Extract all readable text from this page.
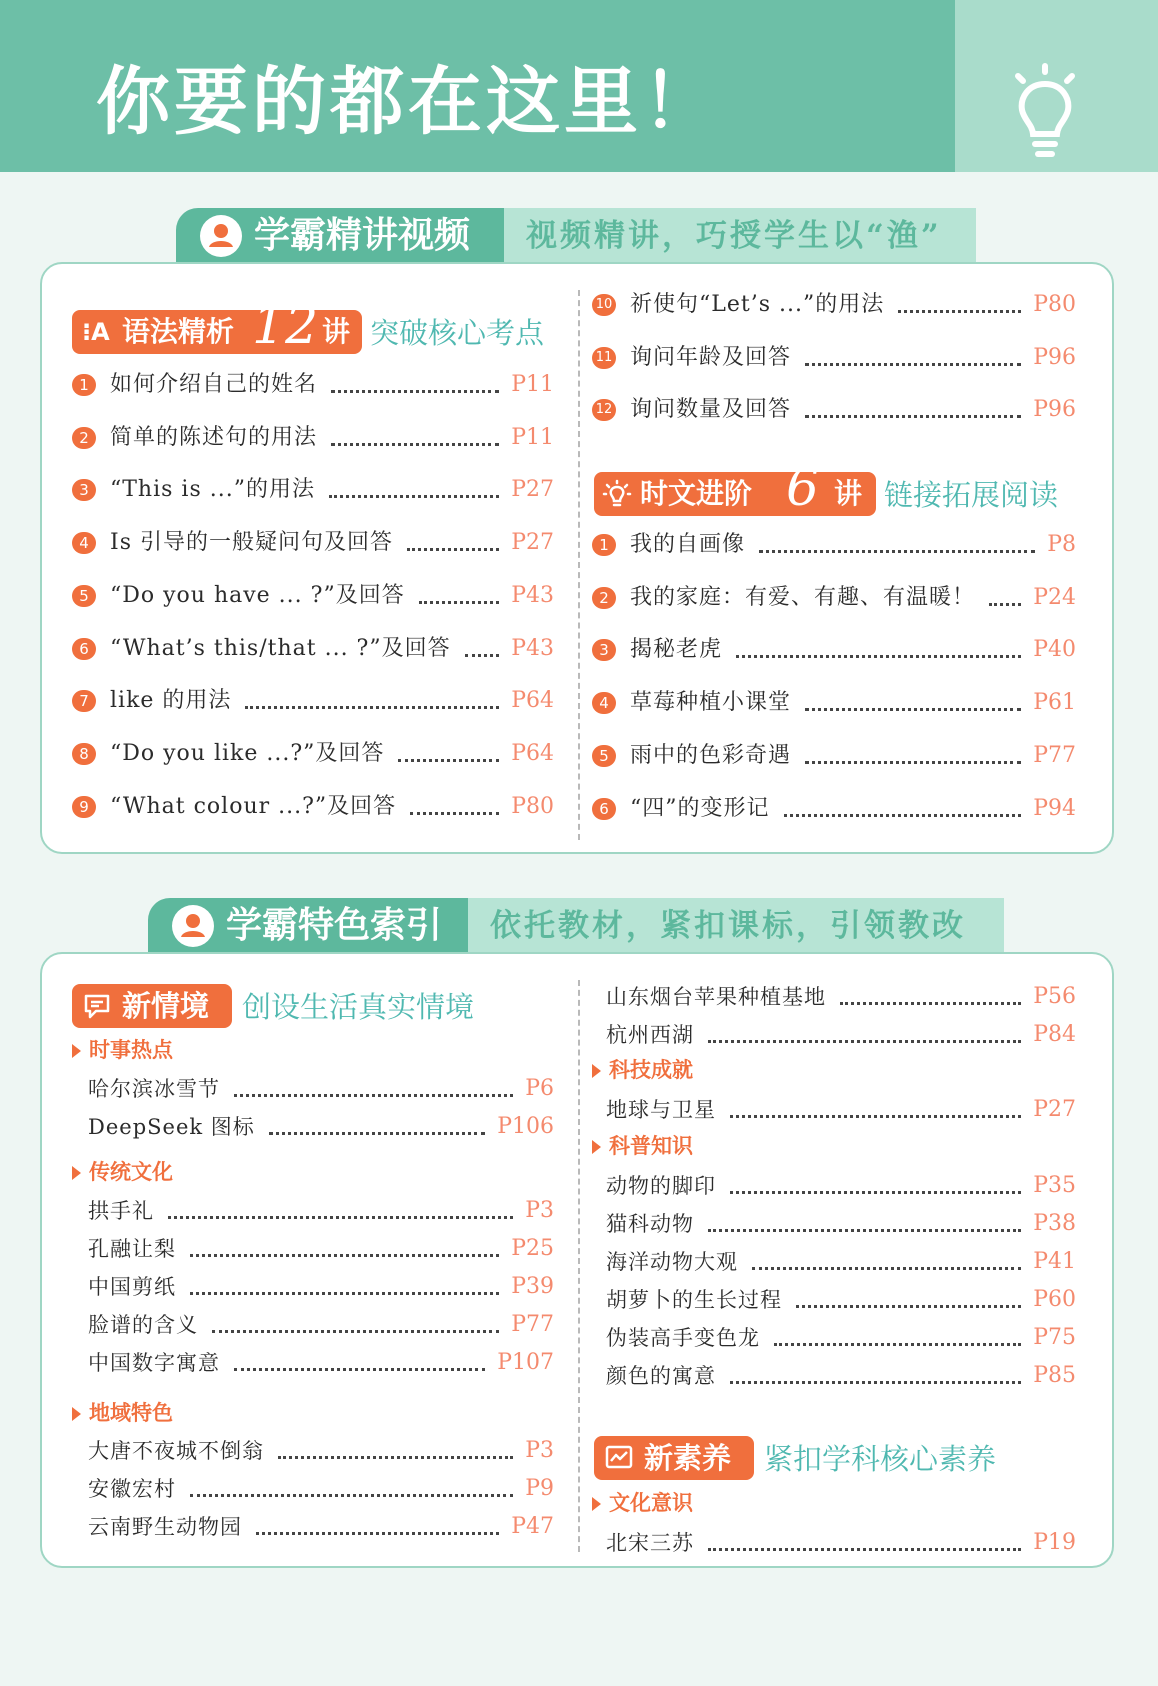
你要的都在这里！
学霸精讲视频 视频精讲，巧授学生以“渔”
⁝A 语法精析 12 讲 突破核心考点
1 如何介绍自己的姓名	P11
2 简单的陈述句的用法	P11
3 “This is ...”的用法	P27
4 Is 引导的一般疑问句及回答	P27
5 “Do you have ... ?”及回答	P43
6 “What’s this/that ... ?”及回答	P43
7 like 的用法	P64
8 “Do you like ...?”及回答	P64
9 “What colour ...?”及回答	P80
10 祈使句“Let’s ...”的用法	P80
11 询问年龄及回答	P96
12 询问数量及回答	P96
时文进阶 6 讲 链接拓展阅读
1 我的自画像	P8
2 我的家庭：有爱、有趣、有温暖！	P24
3 揭秘老虎	P40
4 草莓种植小课堂	P61
5 雨中的色彩奇遇	P77
6 “四”的变形记	P94
学霸特色索引 依托教材，紧扣课标，引领教改
新情境 创设生活真实情境
新素养 紧扣学科核心素养
时事热点
哈尔滨冰雪节	P6
DeepSeek 图标	P106
传统文化
拱手礼	P3
孔融让梨	P25
中国剪纸	P39
脸谱的含义	P77
中国数字寓意	P107
地域特色
大唐不夜城不倒翁	P3
安徽宏村	P9
云南野生动物园	P47
山东烟台苹果种植基地	P56
杭州西湖	P84
科技成就
地球与卫星	P27
科普知识
动物的脚印	P35
猫科动物	P38
海洋动物大观	P41
胡萝卜的生长过程	P60
伪装高手变色龙	P75
颜色的寓意	P85
文化意识
北宋三苏	P19
